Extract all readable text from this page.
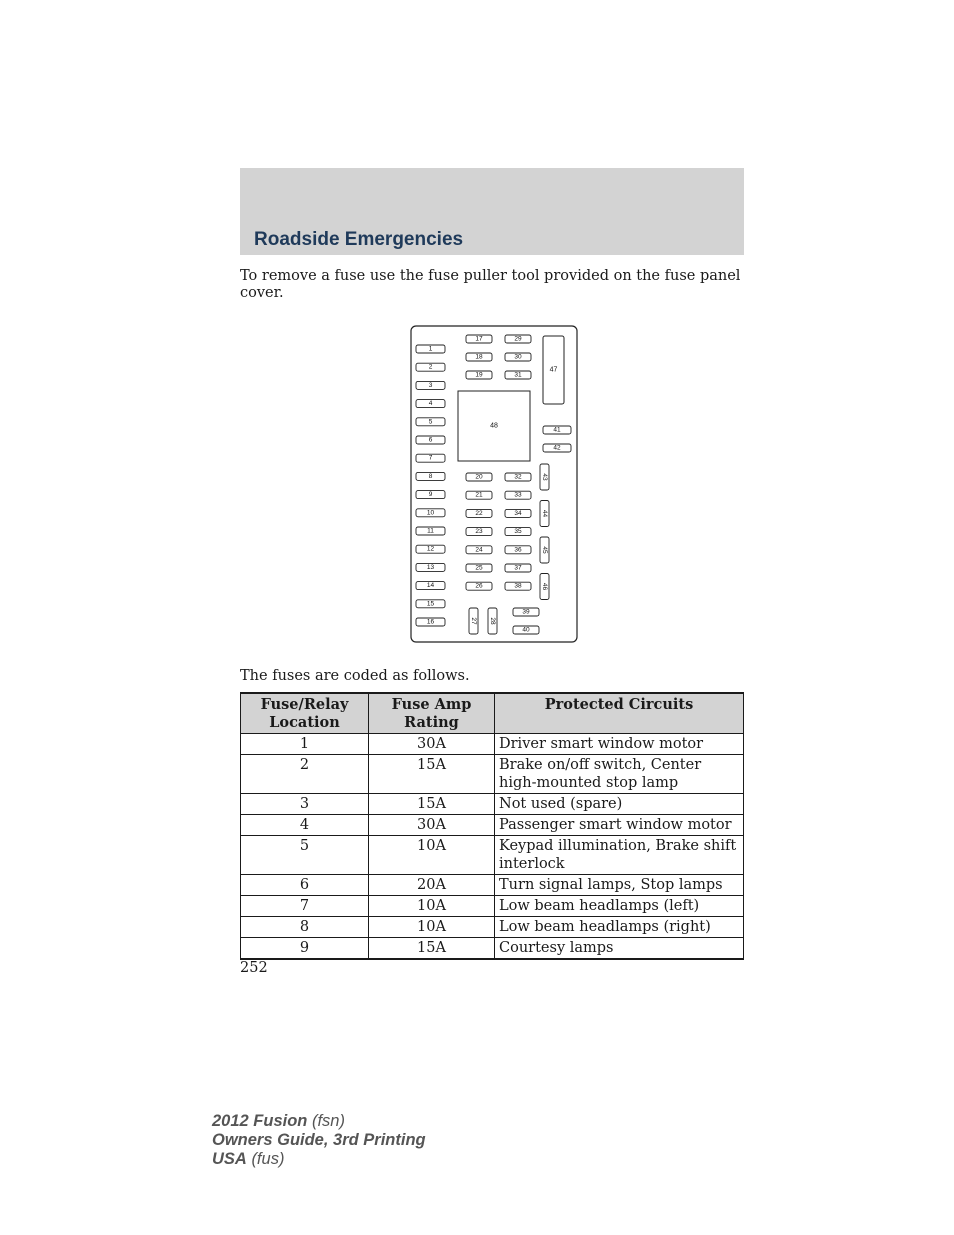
Roadside Emergencies

To remove a fuse use the fuse puller tool provided on the fuse panel cover.

1
2
3
4
5
6
7
8
9
10
11
12
13
14
15
16
17	29
18	30
19	31
48
47
41
42
20	32
21	33
22	34
23	35
24	36
25	37
26	38
43
44
45
46
27 28
39
40

The fuses are coded as follows.

Fuse/Relay Location	Fuse Amp Rating	Protected Circuits
1	30A	Driver smart window motor
2	15A	Brake on/off switch, Center high-mounted stop lamp
3	15A	Not used (spare)
4	30A	Passenger smart window motor
5	10A	Keypad illumination, Brake shift interlock
6	20A	Turn signal lamps, Stop lamps
7	10A	Low beam headlamps (left)
8	10A	Low beam headlamps (right)
9	15A	Courtesy lamps

252

2012 Fusion (fsn)
Owners Guide, 3rd Printing
USA (fus)
